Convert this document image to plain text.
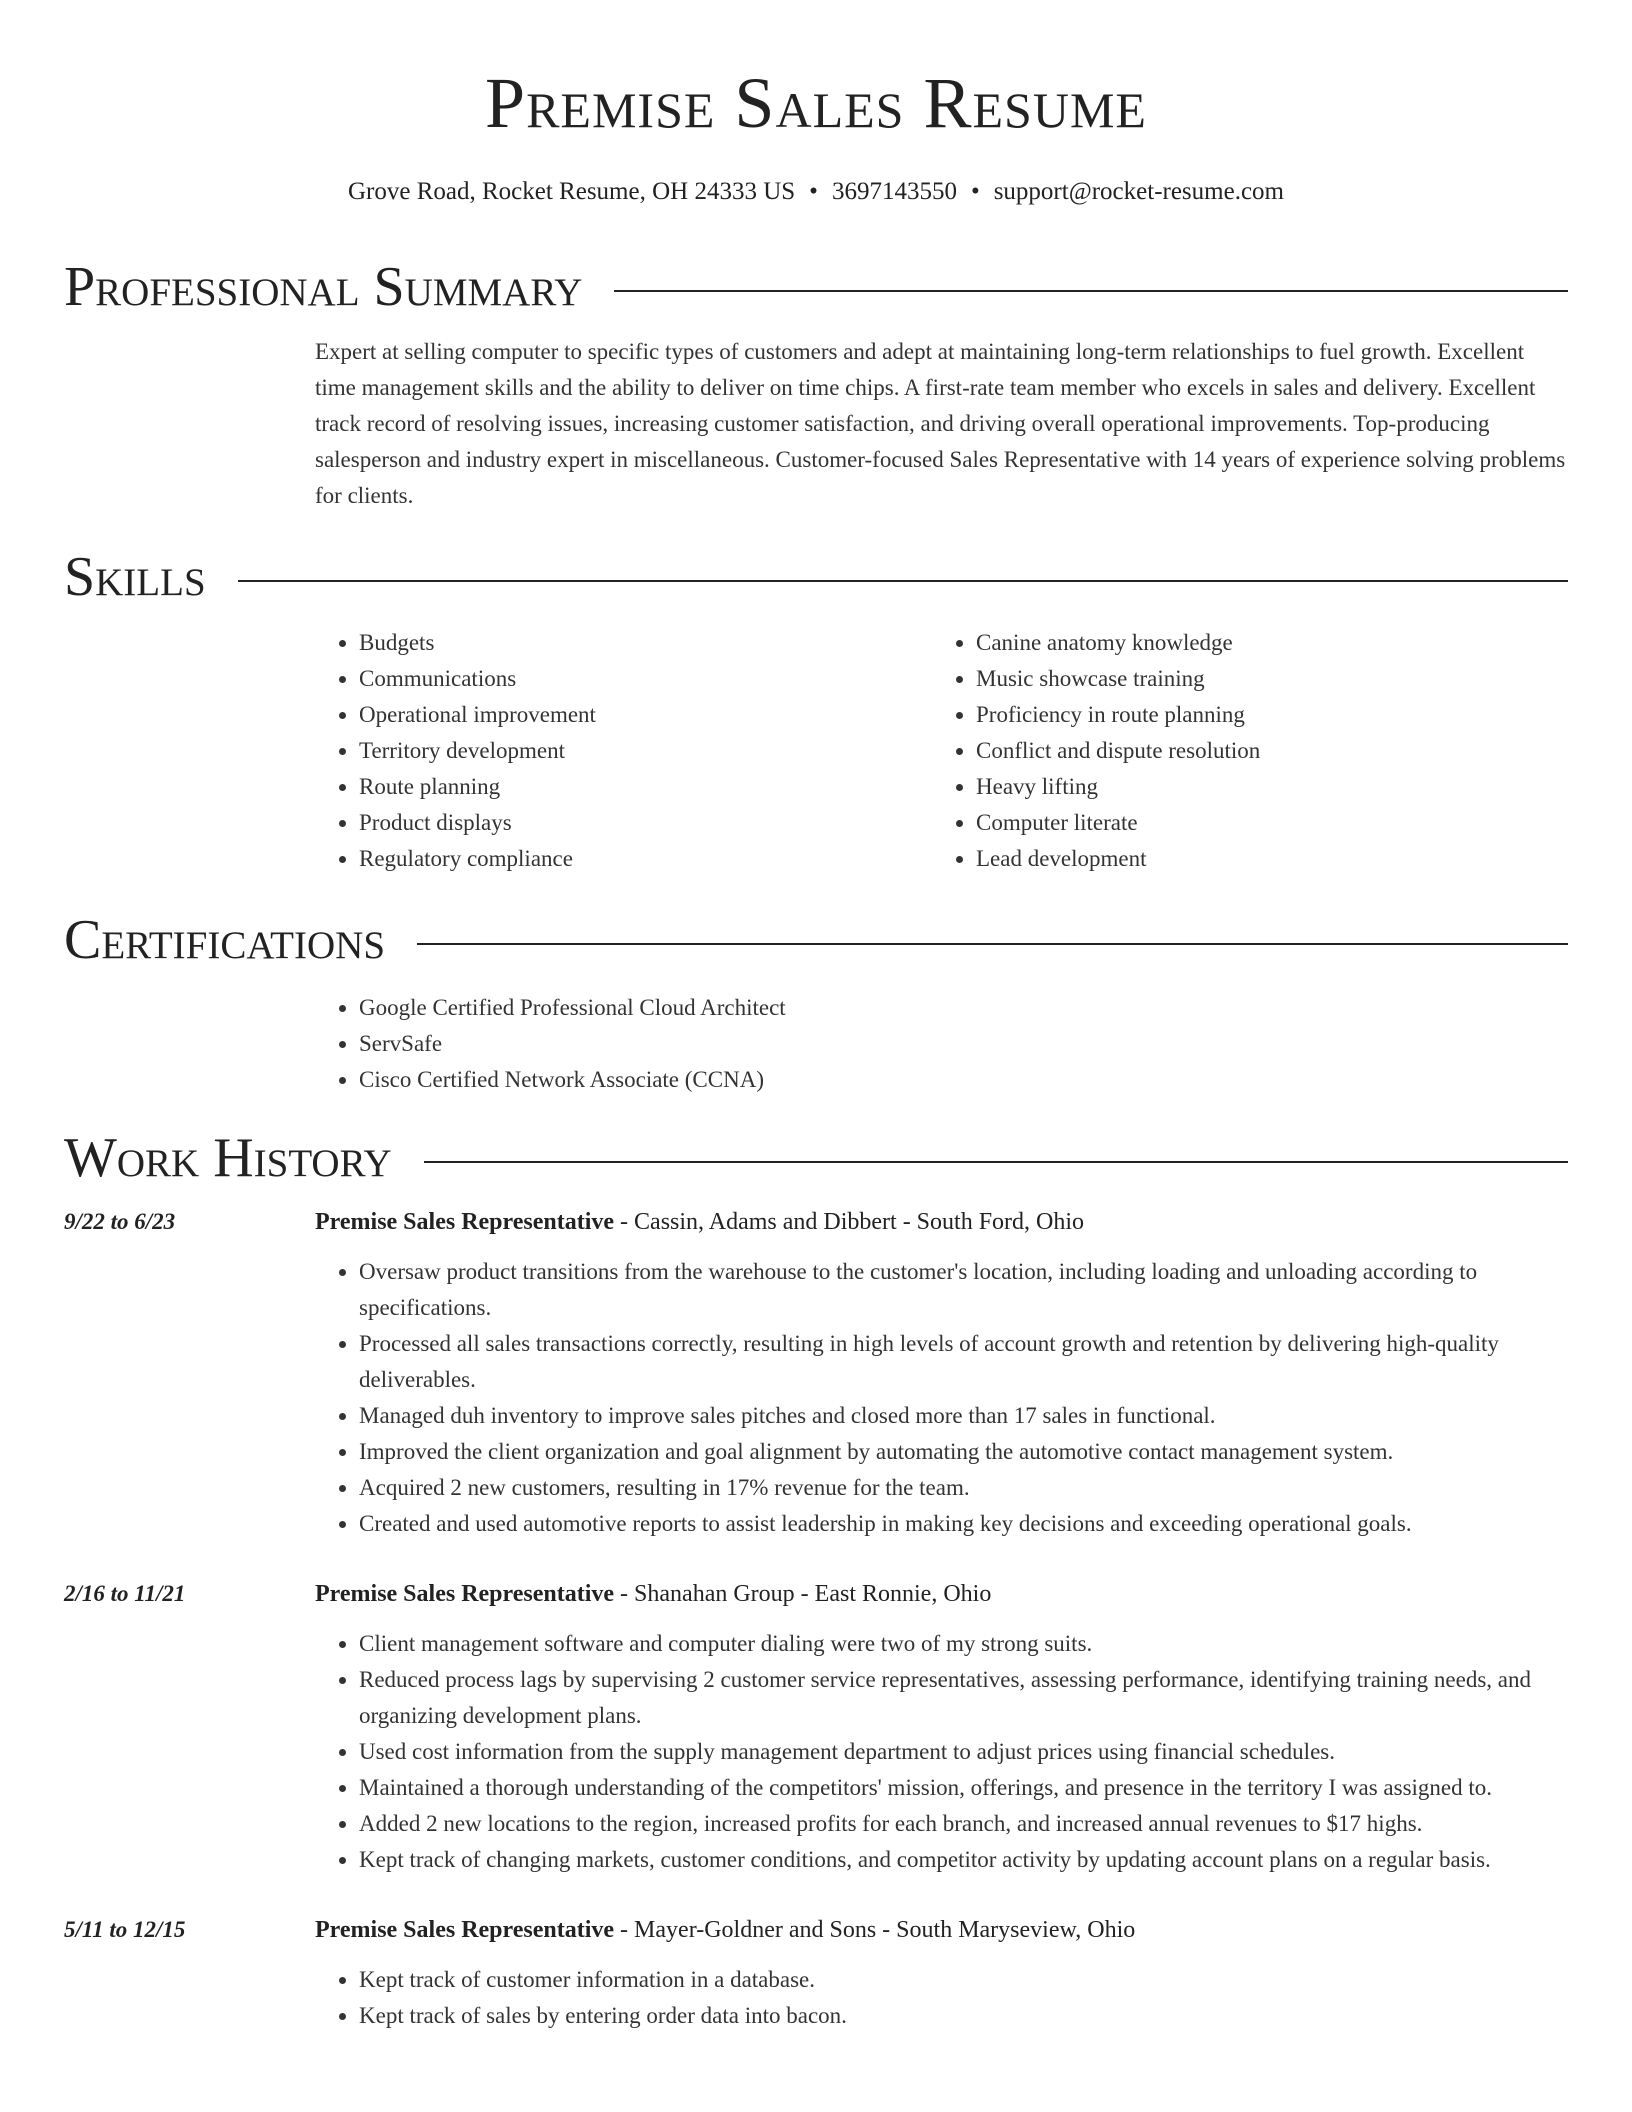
Premise Sales Resume
Grove Road, Rocket Resume, OH 24333 US • 3697143550 • support@rocket-resume.com
Professional Summary

Expert at selling computer to specific types of customers and adept at maintaining long-term relationships to fuel growth. Excellent time management skills and the ability to deliver on time chips. A first-rate team member who excels in sales and delivery. Excellent track record of resolving issues, increasing customer satisfaction, and driving overall operational improvements. Top-producing salesperson and industry expert in miscellaneous. Customer-focused Sales Representative with 14 years of experience solving problems for clients.

Skills
• Budgets
• Communications
• Operational improvement
• Territory development
• Route planning
• Product displays
• Regulatory compliance
• Canine anatomy knowledge
• Music showcase training
• Proficiency in route planning
• Conflict and dispute resolution
• Heavy lifting
• Computer literate
• Lead development
Certifications
• Google Certified Professional Cloud Architect
• ServSafe
• Cisco Certified Network Associate (CCNA)
Work History
9/22 to 6/23	Premise Sales Representative - Cassin, Adams and Dibbert - South Ford, Ohio
• Oversaw product transitions from the warehouse to the customer's location, including loading and unloading according to specifications.
• Processed all sales transactions correctly, resulting in high levels of account growth and retention by delivering high-quality deliverables.
• Managed duh inventory to improve sales pitches and closed more than 17 sales in functional.
• Improved the client organization and goal alignment by automating the automotive contact management system.
• Acquired 2 new customers, resulting in 17% revenue for the team.
• Created and used automotive reports to assist leadership in making key decisions and exceeding operational goals.
2/16 to 11/21	Premise Sales Representative - Shanahan Group - East Ronnie, Ohio
• Client management software and computer dialing were two of my strong suits.
• Reduced process lags by supervising 2 customer service representatives, assessing performance, identifying training needs, and organizing development plans.
• Used cost information from the supply management department to adjust prices using financial schedules.
• Maintained a thorough understanding of the competitors' mission, offerings, and presence in the territory I was assigned to.
• Added 2 new locations to the region, increased profits for each branch, and increased annual revenues to $17 highs.
• Kept track of changing markets, customer conditions, and competitor activity by updating account plans on a regular basis.
5/11 to 12/15	Premise Sales Representative - Mayer-Goldner and Sons - South Maryseview, Ohio
• Kept track of customer information in a database.
• Kept track of sales by entering order data into bacon.
